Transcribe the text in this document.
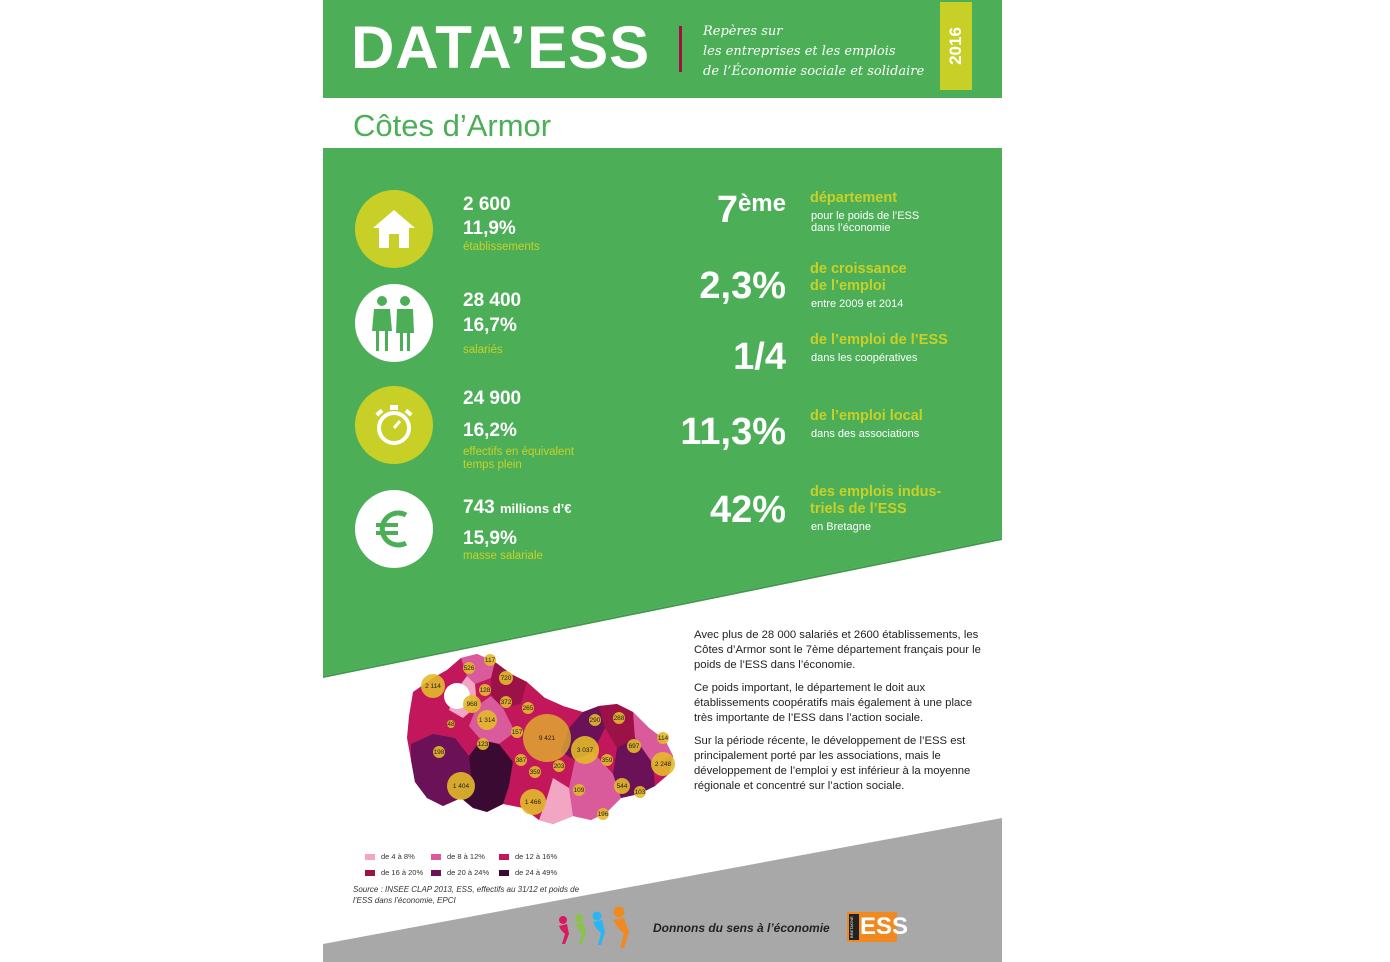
DATA’ESS	Repères sur
les entreprises et les emplois
de l’Économie sociale et solidaire
2016
Côtes d’Armor
2 600
11,9%
établissements
28 400
16,7%
salariés
24 900
16,2%
effectifs en équivalent temps plein
743 millions d’€
15,9%
masse salariale
7ème département
pour le poids de l’ESS dans l’économie
2,3% de croissance de l’emploi
entre 2009 et 2014
1/4 de l’emploi de l’ESS
dans les coopératives
11,3% de l’emploi local
dans des associations
42% des emplois indus-triels de l’ESS
en Bretagne
2 114
117
526
720
128
968	372
265
48
1 314
157
9 421
290 288
114
198
123
3 037
697
387
203
359
359
2 248
1 404
109
544
103
1 466
196
de 4 à 8%	de 8 à 12%	de 12 à 16%
de 16 à 20%	de 20 à 24%	de 24 à 49%
Source : INSEE CLAP 2013, ESS, effectifs au 31/12 et poids de l’ESS dans l’économie, EPCI

Avec plus de 28 000 salariés et 2600 établissements, les Côtes d’Armor sont le 7ème département français pour le poids de l’ESS dans l’économie.

Ce poids important, le département le doit aux établissements coopératifs mais également à une place très importante de l’ESS dans l’action sociale.

Sur la période récente, le développement de l’ESS est principalement porté par les associations, mais le développement de l’emploi y est inférieur à la moyenne régionale et concentré sur l’action sociale.

Donnons du sens à l’économie	BRETAGNE ESS
